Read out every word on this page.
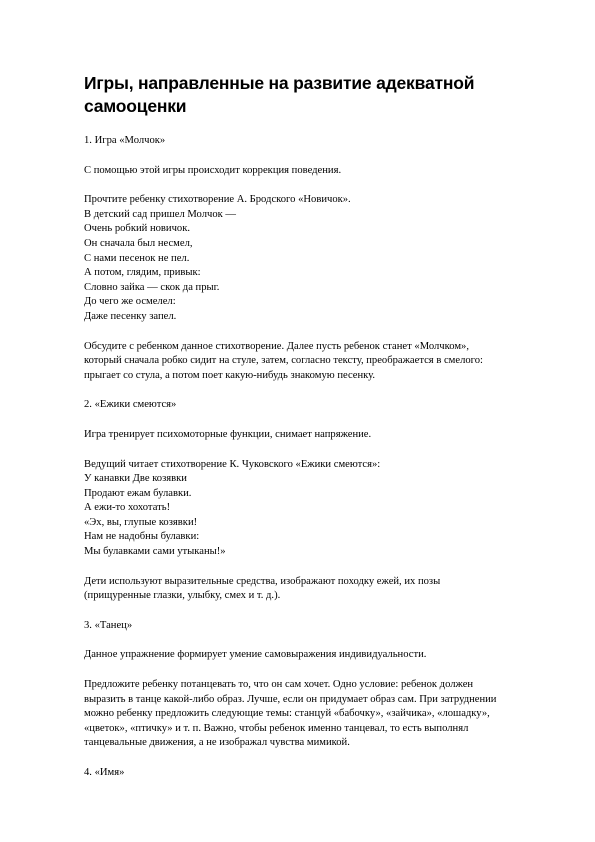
Игры, направленные на развитие адекватной
самооценки
1. Игра «Молчок»
С помощью этой игры происходит коррекция поведения.
Прочтите ребенку стихотворение А. Бродского «Новичок».
В детский сад пришел Молчок —
Очень робкий новичок.
Он сначала был несмел,
С нами песенок не пел.
А потом, глядим, привык:
Словно зайка — скок да прыг.
До чего же осмелел:
Даже песенку запел.
Обсудите с ребенком данное стихотворение. Далее пусть ребенок станет «Молчком»,
который сначала робко сидит на стуле, затем, согласно тексту, преображается в смелого:
прыгает со стула, а потом поет какую-нибудь знакомую песенку.
2. «Ежики смеются»
Игра тренирует психомоторные функции, снимает напряжение.
Ведущий читает стихотворение К. Чуковского «Ежики смеются»:
У канавки Две козявки
Продают ежам булавки.
А ежи-то хохотать!
«Эх, вы, глупые козявки!
Нам не надобны булавки:
Мы булавками сами утыканы!»
Дети используют выразительные средства, изображают походку ежей, их позы
(прищуренные глазки, улыбку, смех и т. д.).
3. «Танец»
Данное упражнение формирует умение самовыражения индивидуальности.
Предложите ребенку потанцевать то, что он сам хочет. Одно условие: ребенок должен
выразить в танце какой-либо образ. Лучше, если он придумает образ сам. При затруднении
можно ребенку предложить следующие темы: станцуй «бабочку», «зайчика», «лошадку»,
«цветок», «птичку» и т. п. Важно, чтобы ребенок именно танцевал, то есть выполнял
танцевальные движения, а не изображал чувства мимикой.
4. «Имя»
